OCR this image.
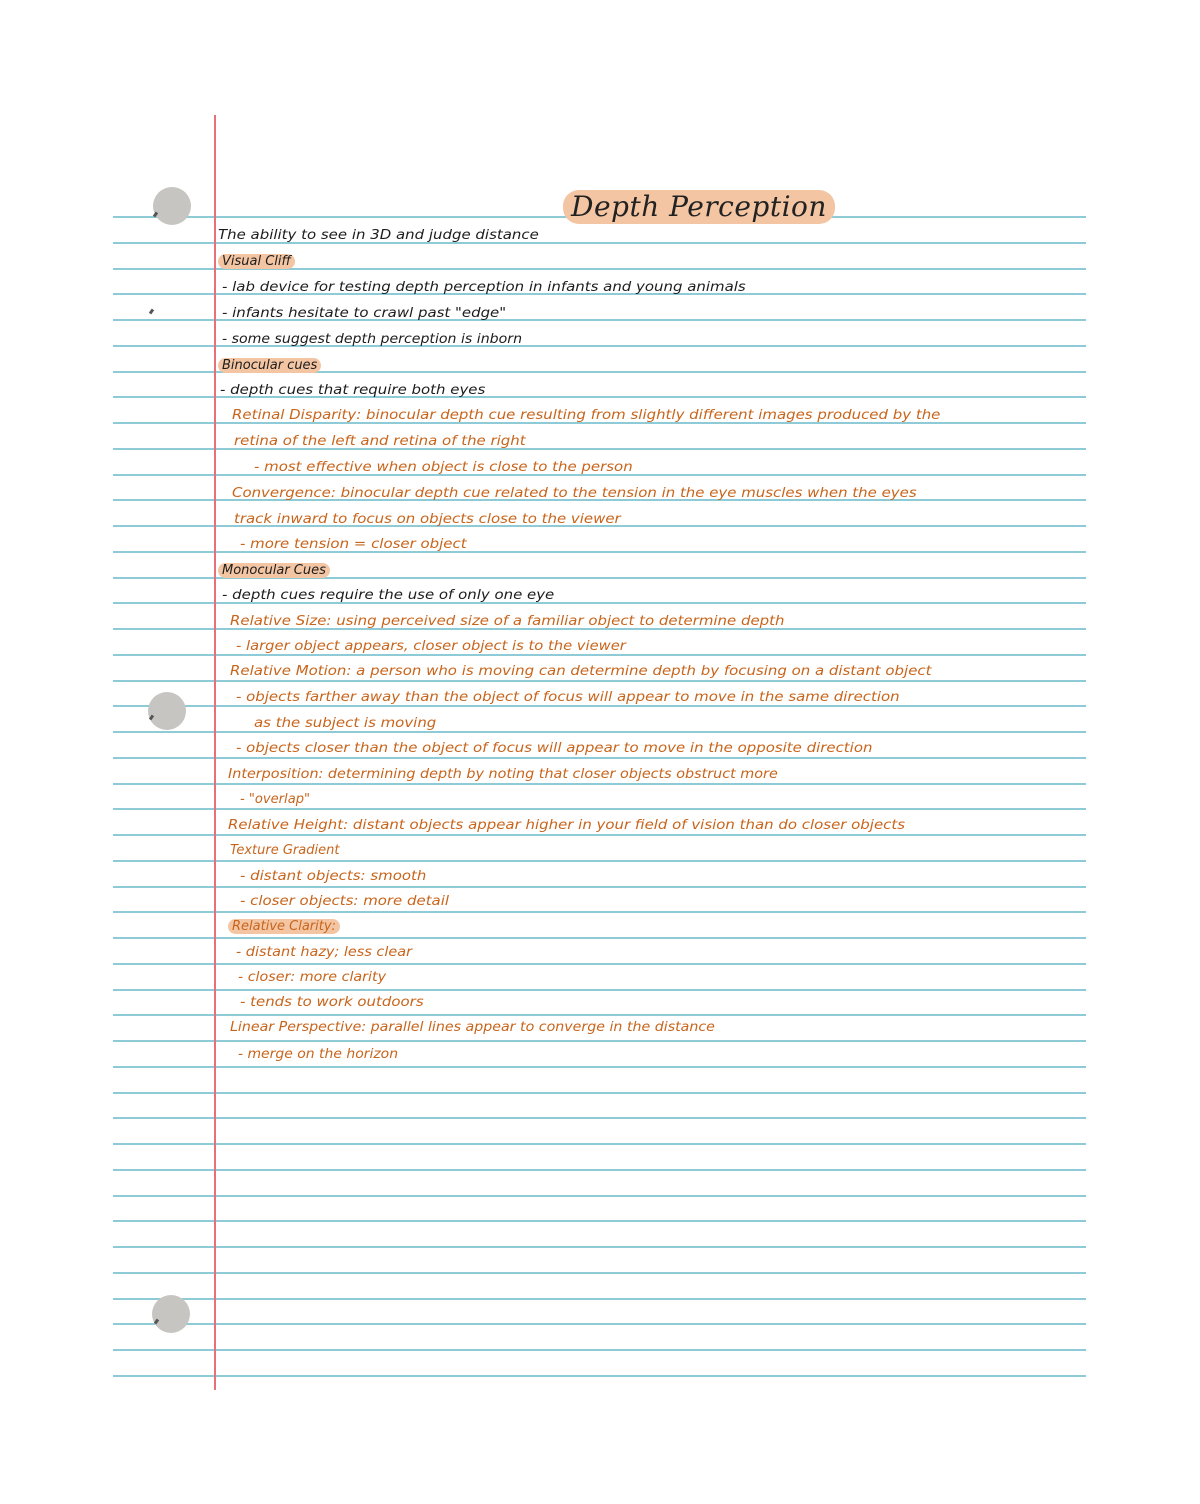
Depth Perception
The ability to see in 3D and judge distance
Visual Cliff
- lab device for testing depth perception in infants and young animals
- infants hesitate to crawl past "edge"
- some suggest depth perception is inborn
Binocular cues
- depth cues that require both eyes
Retinal Disparity: binocular depth cue resulting from slightly different images produced by the
retina of the left and retina of the right
- most effective when object is close to the person
Convergence: binocular depth cue related to the tension in the eye muscles when the eyes
track inward to focus on objects close to the viewer
- more tension = closer object
Monocular Cues
- depth cues require the use of only one eye
Relative Size: using perceived size of a familiar object to determine depth
- larger object appears, closer object is to the viewer
Relative Motion: a person who is moving can determine depth by focusing on a distant object
- objects farther away than the object of focus will appear to move in the same direction
as the subject is moving
- objects closer than the object of focus will appear to move in the opposite direction
Interposition: determining depth by noting that closer objects obstruct more
- "overlap"
Relative Height: distant objects appear higher in your field of vision than do closer objects
Texture Gradient
- distant objects: smooth
- closer objects: more detail
Relative Clarity:
- distant hazy; less clear
- closer: more clarity
- tends to work outdoors
Linear Perspective: parallel lines appear to converge in the distance
- merge on the horizon
